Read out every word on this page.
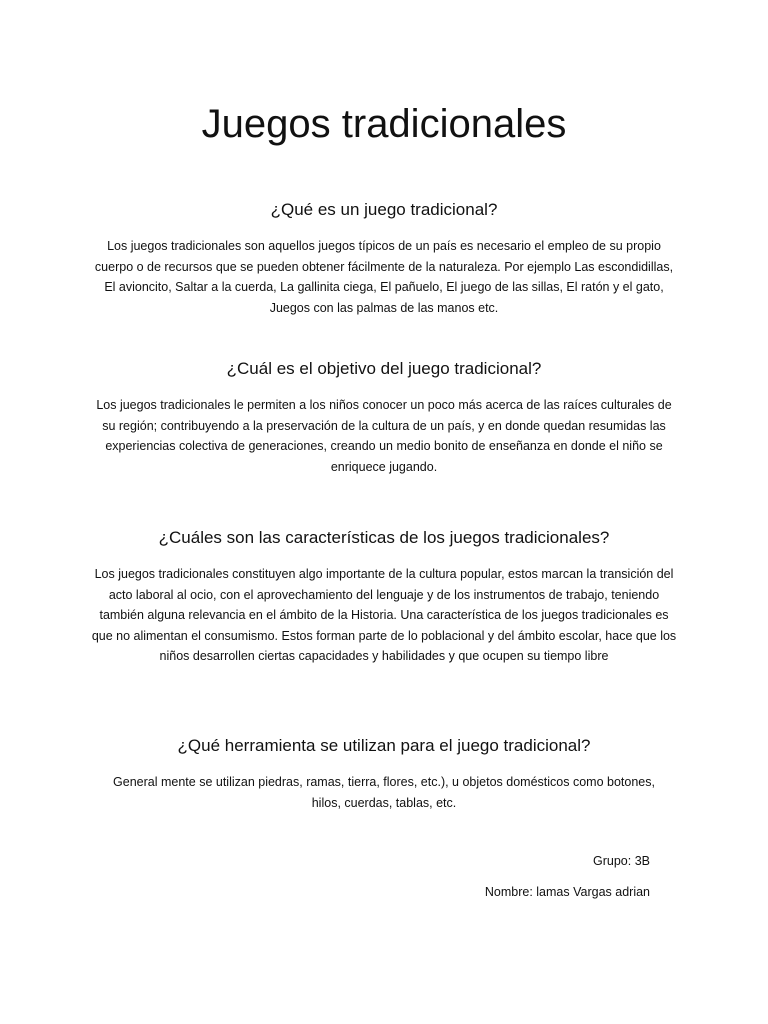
Juegos tradicionales
¿Qué es un juego tradicional?

Los juegos tradicionales son aquellos juegos típicos de un país es necesario el empleo de su propio cuerpo o de recursos que se pueden obtener fácilmente de la naturaleza. Por ejemplo Las escondidillas, El avioncito, Saltar a la cuerda, La gallinita ciega, El pañuelo, El juego de las sillas, El ratón y el gato, Juegos con las palmas de las manos etc.

¿Cuál es el objetivo del juego tradicional?

Los juegos tradicionales le permiten a los niños conocer un poco más acerca de las raíces culturales de su región; contribuyendo a la preservación de la cultura de un país, y en donde quedan resumidas las experiencias colectiva de generaciones, creando un medio bonito de enseñanza en donde el niño se enriquece jugando.

¿Cuáles son las características de los juegos tradicionales?

Los juegos tradicionales constituyen algo importante de la cultura popular, estos marcan la transición del acto laboral al ocio, con el aprovechamiento del lenguaje y de los instrumentos de trabajo, teniendo también alguna relevancia en el ámbito de la Historia. Una característica de los juegos tradicionales es que no alimentan el consumismo. Estos forman parte de lo poblacional y del ámbito escolar, hace que los niños desarrollen ciertas capacidades y habilidades y que ocupen su tiempo libre

¿Qué herramienta se utilizan para el juego tradicional?

General mente se utilizan piedras, ramas, tierra, flores, etc.), u objetos domésticos como botones, hilos, cuerdas, tablas, etc.

Grupo: 3B
Nombre: lamas Vargas adrian
